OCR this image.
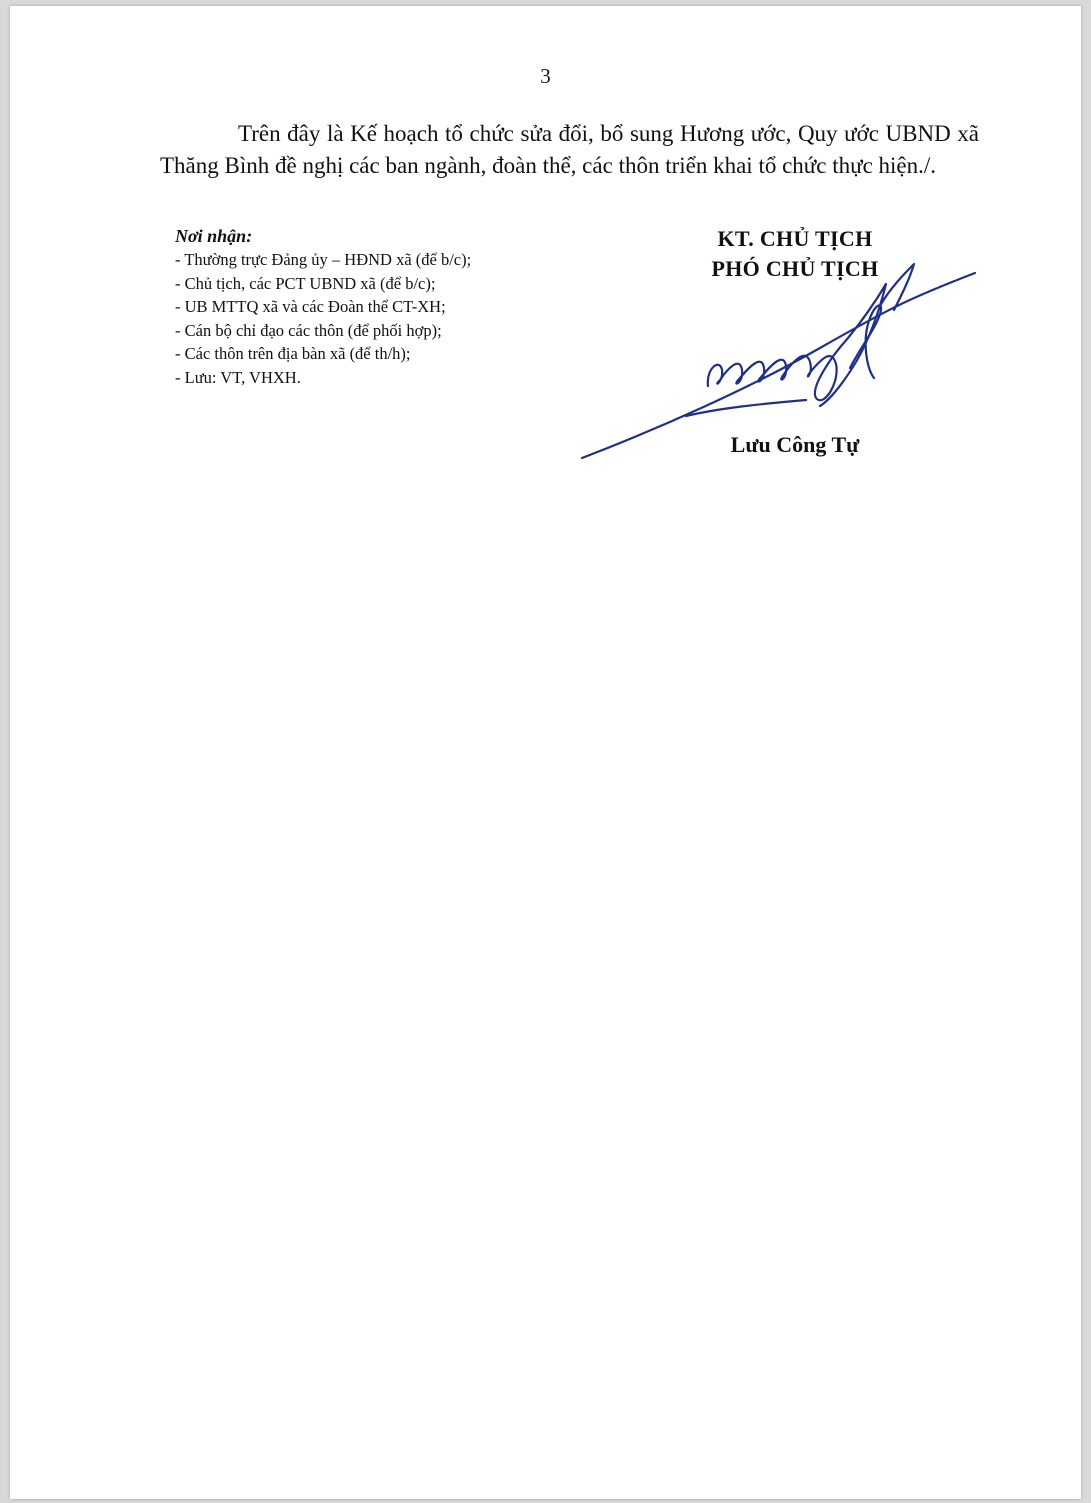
3

Trên đây là Kế hoạch tổ chức sửa đổi, bổ sung Hương ước, Quy ước UBND xã Thăng Bình đề nghị các ban ngành, đoàn thể, các thôn triển khai tổ chức thực hiện./.

Nơi nhận:
- Thường trực Đảng ủy – HĐND xã (để b/c);
- Chủ tịch, các PCT UBND xã (để b/c);
- UB MTTQ xã và các Đoàn thể CT-XH;
- Cán bộ chỉ đạo các thôn (để phối hợp);
- Các thôn trên địa bàn xã (để th/h);
- Lưu: VT, VHXH.
KT. CHỦ TỊCH
PHÓ CHỦ TỊCH
Lưu Công Tự
